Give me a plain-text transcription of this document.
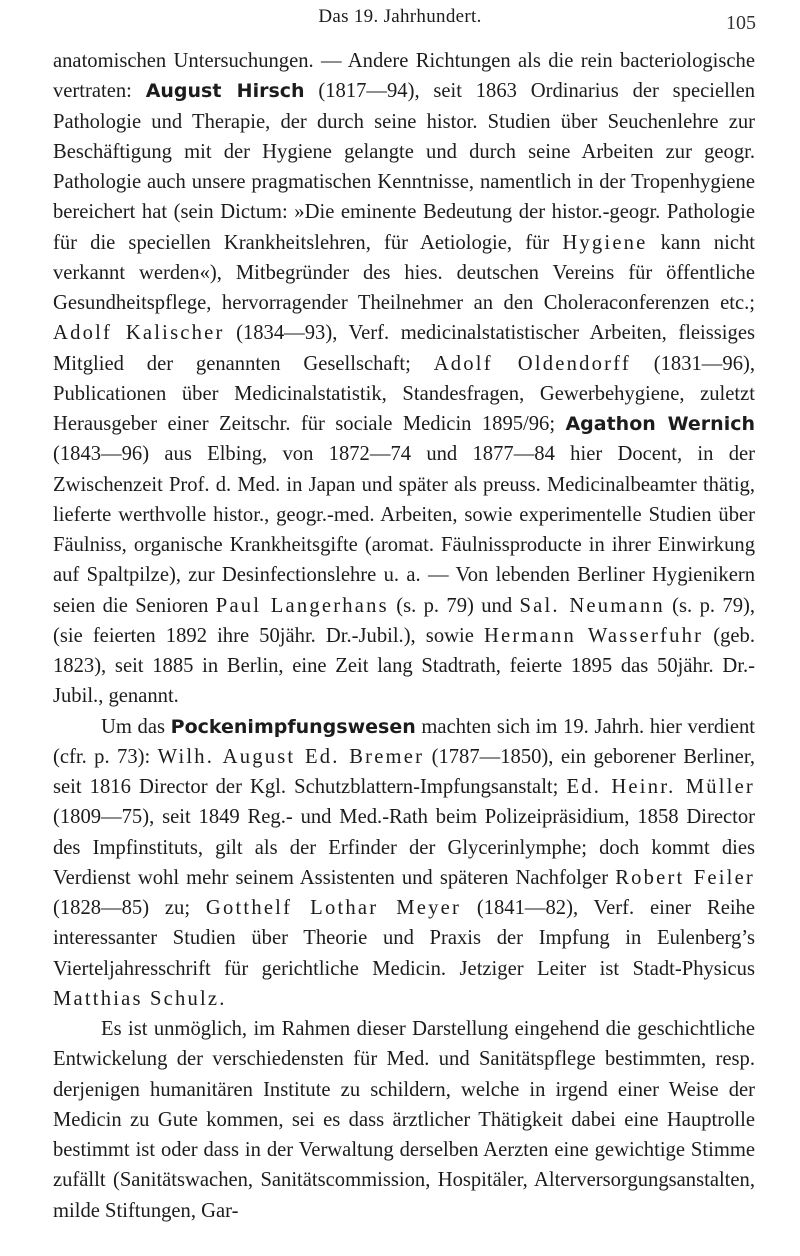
Das 19. Jahrhundert.	105

anatomischen Untersuchungen. — Andere Richtungen als die rein bacteriologische vertraten: August Hirsch (1817—94), seit 1863 Ordinarius der speciellen Pathologie und Therapie, der durch seine histor. Studien über Seuchenlehre zur Beschäftigung mit der Hygiene gelangte und durch seine Arbeiten zur geogr. Pathologie auch unsere pragmatischen Kenntnisse, namentlich in der Tropenhygiene bereichert hat (sein Dictum: »Die eminente Bedeutung der histor.-geogr. Pathologie für die speciellen Krankheitslehren, für Aetiologie, für Hygiene kann nicht verkannt werden«), Mitbegründer des hies. deutschen Vereins für öffentliche Gesundheitspflege, hervorragender Theilnehmer an den Choleraconferenzen etc.; Adolf Kalischer (1834—93), Verf. medicinalstatistischer Arbeiten, fleissiges Mitglied der genannten Gesellschaft; Adolf Oldendorff (1831—96), Publicationen über Medicinalstatistik, Standesfragen, Gewerbehygiene, zuletzt Herausgeber einer Zeitschr. für sociale Medicin 1895/96; Agathon Wernich (1843—96) aus Elbing, von 1872—74 und 1877—84 hier Docent, in der Zwischenzeit Prof. d. Med. in Japan und später als preuss. Medicinalbeamter thätig, lieferte werthvolle histor., geogr.-med. Arbeiten, sowie experimentelle Studien über Fäulniss, organische Krankheitsgifte (aromat. Fäulnissproducte in ihrer Einwirkung auf Spaltpilze), zur Desinfectionslehre u. a. — Von lebenden Berliner Hygienikern seien die Senioren Paul Langerhans (s. p. 79) und Sal. Neumann (s. p. 79), (sie feierten 1892 ihre 50jähr. Dr.-Jubil.), sowie Hermann Wasserfuhr (geb. 1823), seit 1885 in Berlin, eine Zeit lang Stadtrath, feierte 1895 das 50jähr. Dr.-Jubil., genannt.

Um das Pockenimpfungswesen machten sich im 19. Jahrh. hier verdient (cfr. p. 73): Wilh. August Ed. Bremer (1787—1850), ein geborener Berliner, seit 1816 Director der Kgl. Schutzblattern-Impfungsanstalt; Ed. Heinr. Müller (1809—75), seit 1849 Reg.- und Med.-Rath beim Polizeipräsidium, 1858 Director des Impfinstituts, gilt als der Erfinder der Glycerinlymphe; doch kommt dies Verdienst wohl mehr seinem Assistenten und späteren Nachfolger Robert Feiler (1828—85) zu; Gotthelf Lothar Meyer (1841—82), Verf. einer Reihe interessanter Studien über Theorie und Praxis der Impfung in Eulenberg’s Vierteljahresschrift für gerichtliche Medicin. Jetziger Leiter ist Stadt-Physicus Matthias Schulz.

Es ist unmöglich, im Rahmen dieser Darstellung eingehend die geschichtliche Entwickelung der verschiedensten für Med. und Sanitätspflege bestimmten, resp. derjenigen humanitären Institute zu schildern, welche in irgend einer Weise der Medicin zu Gute kommen, sei es dass ärztlicher Thätigkeit dabei eine Hauptrolle bestimmt ist oder dass in der Verwaltung derselben Aerzten eine gewichtige Stimme zufällt (Sanitätswachen, Sanitätscommission, Hospitäler, Alterversorgungsanstalten, milde Stiftungen, Gar-
